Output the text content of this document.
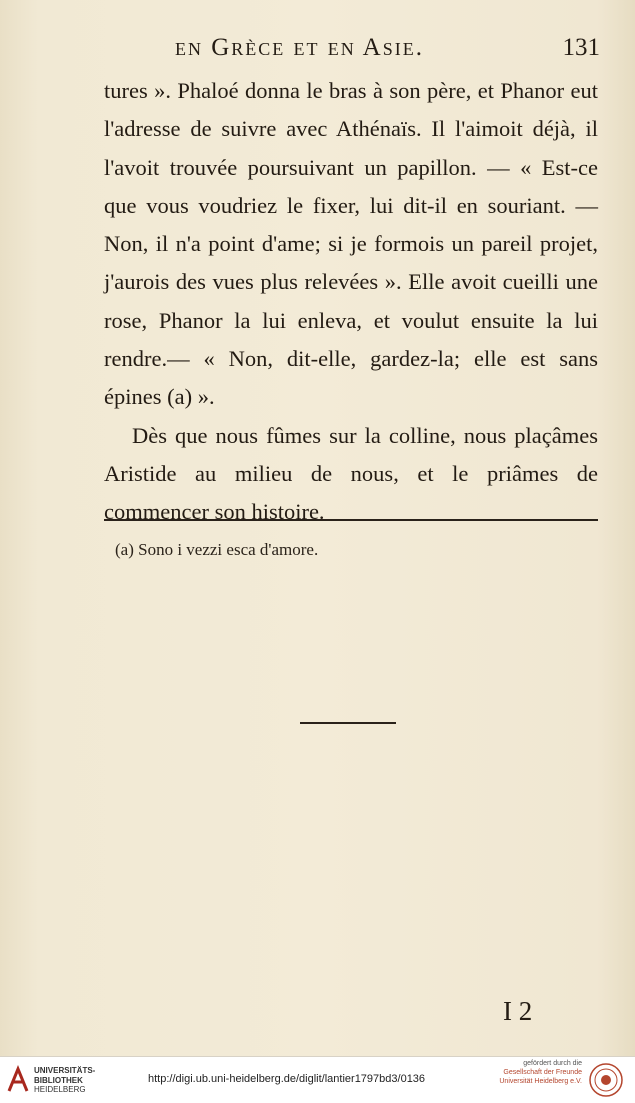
en Grèce et en Asie.	131

tures ». Phaloé donna le bras à son père, et Phanor eut l'adresse de suivre avec Athénaïs. Il l'aimoit déjà, il l'avoit trouvée poursuivant un papillon. — « Est-ce que vous voudriez le fixer, lui dit-il en souriant. — Non, il n'a point d'ame; si je formois un pareil projet, j'aurois des vues plus relevées ». Elle avoit cueilli une rose, Phanor la lui enleva, et voulut ensuite la lui rendre.— « Non, dit-elle, gardez-la; elle est sans épines (a) ».

Dès que nous fûmes sur la colline, nous plaçâmes Aristide au milieu de nous, et le priâmes de commencer son histoire.

(a) Sono i vezzi esca d'amore.
I 2
UNIVERSITÄTS-
BIBLIOTHEK
HEIDELBERG
http://digi.ub.uni-heidelberg.de/diglit/lantier1797bd3/0136
gefördert durch die
Gesellschaft der Freunde
Universität Heidelberg e.V.
